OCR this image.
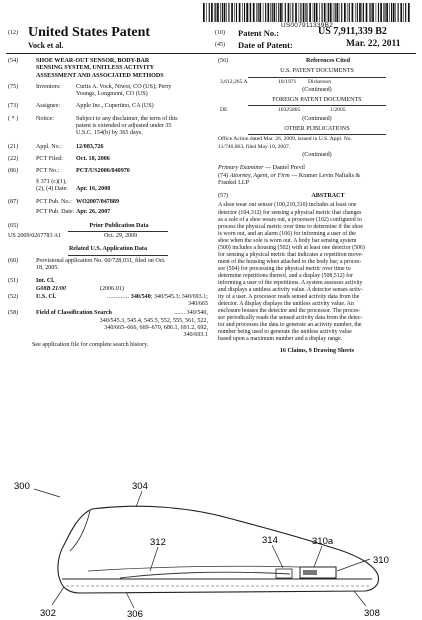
US007911339B2
(12) United States Patent
Vock et al.
(10) Patent No.:	US 7,911,339 B2
(45) Date of Patent:	Mar. 22, 2011
(54)	SHOE WEAR-OUT SENSOR, BODY-BAR
SENSING SYSTEM, UNITLESS ACTIVITY
ASSESSMENT AND ASSOCIATED METHODS
(75)	Inventors:	Curtis A. Vock, Niwot, CO (US); Perry
Youngs, Longmont, CO (US)
(73)	Assignee:	Apple Inc., Cupertino, CA (US)
( * )	Notice:	Subject to any disclaimer, the term of this
patent is extended or adjusted under 35
U.S.C. 154(b) by 365 days.
(21)	Appl. No.:	12/083,726
(22)	PCT Filed:	Oct. 18, 2006
(86)	PCT No.:	PCT/US2006/040970
§ 371 (c)(1),
(2), (4) Date:	Apr. 16, 2008
(87)	PCT Pub. No.: WO2007/047889
PCT Pub. Date: Apr. 26, 2007
(65)	Prior Publication Data
US 2009/0267783 A1	Oct. 29, 2009
Related U.S. Application Data
(60)	Provisional application No. 60/728,031, filed on Oct.
18, 2005.
(51)	Int. Cl.
G08B 21/00	(2006.01)
(52)	U.S. Cl.	............. 340/540; 340/545.3; 340/693.1;
340/665
(58)	Field of Classification Search	....... 340/540,
340/545.3, 545.4, 545.5, 552, 555, 561, 522,
340/665–666, 669–670, 686.1, 691.2, 692,
340/693.1
See application file for complete search history.
(56)	References Cited
U.S. PATENT DOCUMENTS
3,612,265 A	10/1971	Dickerson
(Continued)
FOREIGN PATENT DOCUMENTS
DE	10325805	1/2005
(Continued)
OTHER PUBLICATIONS
Office Action dated Mar. 26, 2009, issued in U.S. Appl. No.
11/746,863, filed May 10, 2007.
(Continued)
Primary Examiner — Daniel Previl
(74) Attorney, Agent, or Firm — Kramer Levin Naftalis &
Frankel LLP
(57)	ABSTRACT
A shoe wear out sensor (100,210,310) includes at least one
detector (104,312) for sensing a physical metric that changes
as a sole of a shoe wears out, a processor (102) configured to
process the physical metric over time to determine if the shoe
is worn out, and an alarm (106) for informing a user of the
shoe when the sole is worn out. A body bar sensing system
(500) includes a housing (502) with at least one detector (506)
for sensing a physical metric that indicates a repetition move-
ment of the housing when attached to the body bar, a proces-
sor (504) for processing the physical metric over time to
determine repetitions thereof, and a display (508,512) for
informing a user of the repetitions. A system assesses activity
and displays a unitless activity value. A detector senses activ-
ity of a user. A processor reads sensed activity data from the
detector. A display displays the unitless activity value. An
enclosure houses the detector and the processor. The proces-
sor periodically reads the sensed activity data from the detec-
tor and processes the data to generate an activity number, the
number being used to generate the unitless activity value
based upon a maximum number and a display range.
16 Claims, 9 Drawing Sheets
300	304
312	314	310a
310
302	306	308
